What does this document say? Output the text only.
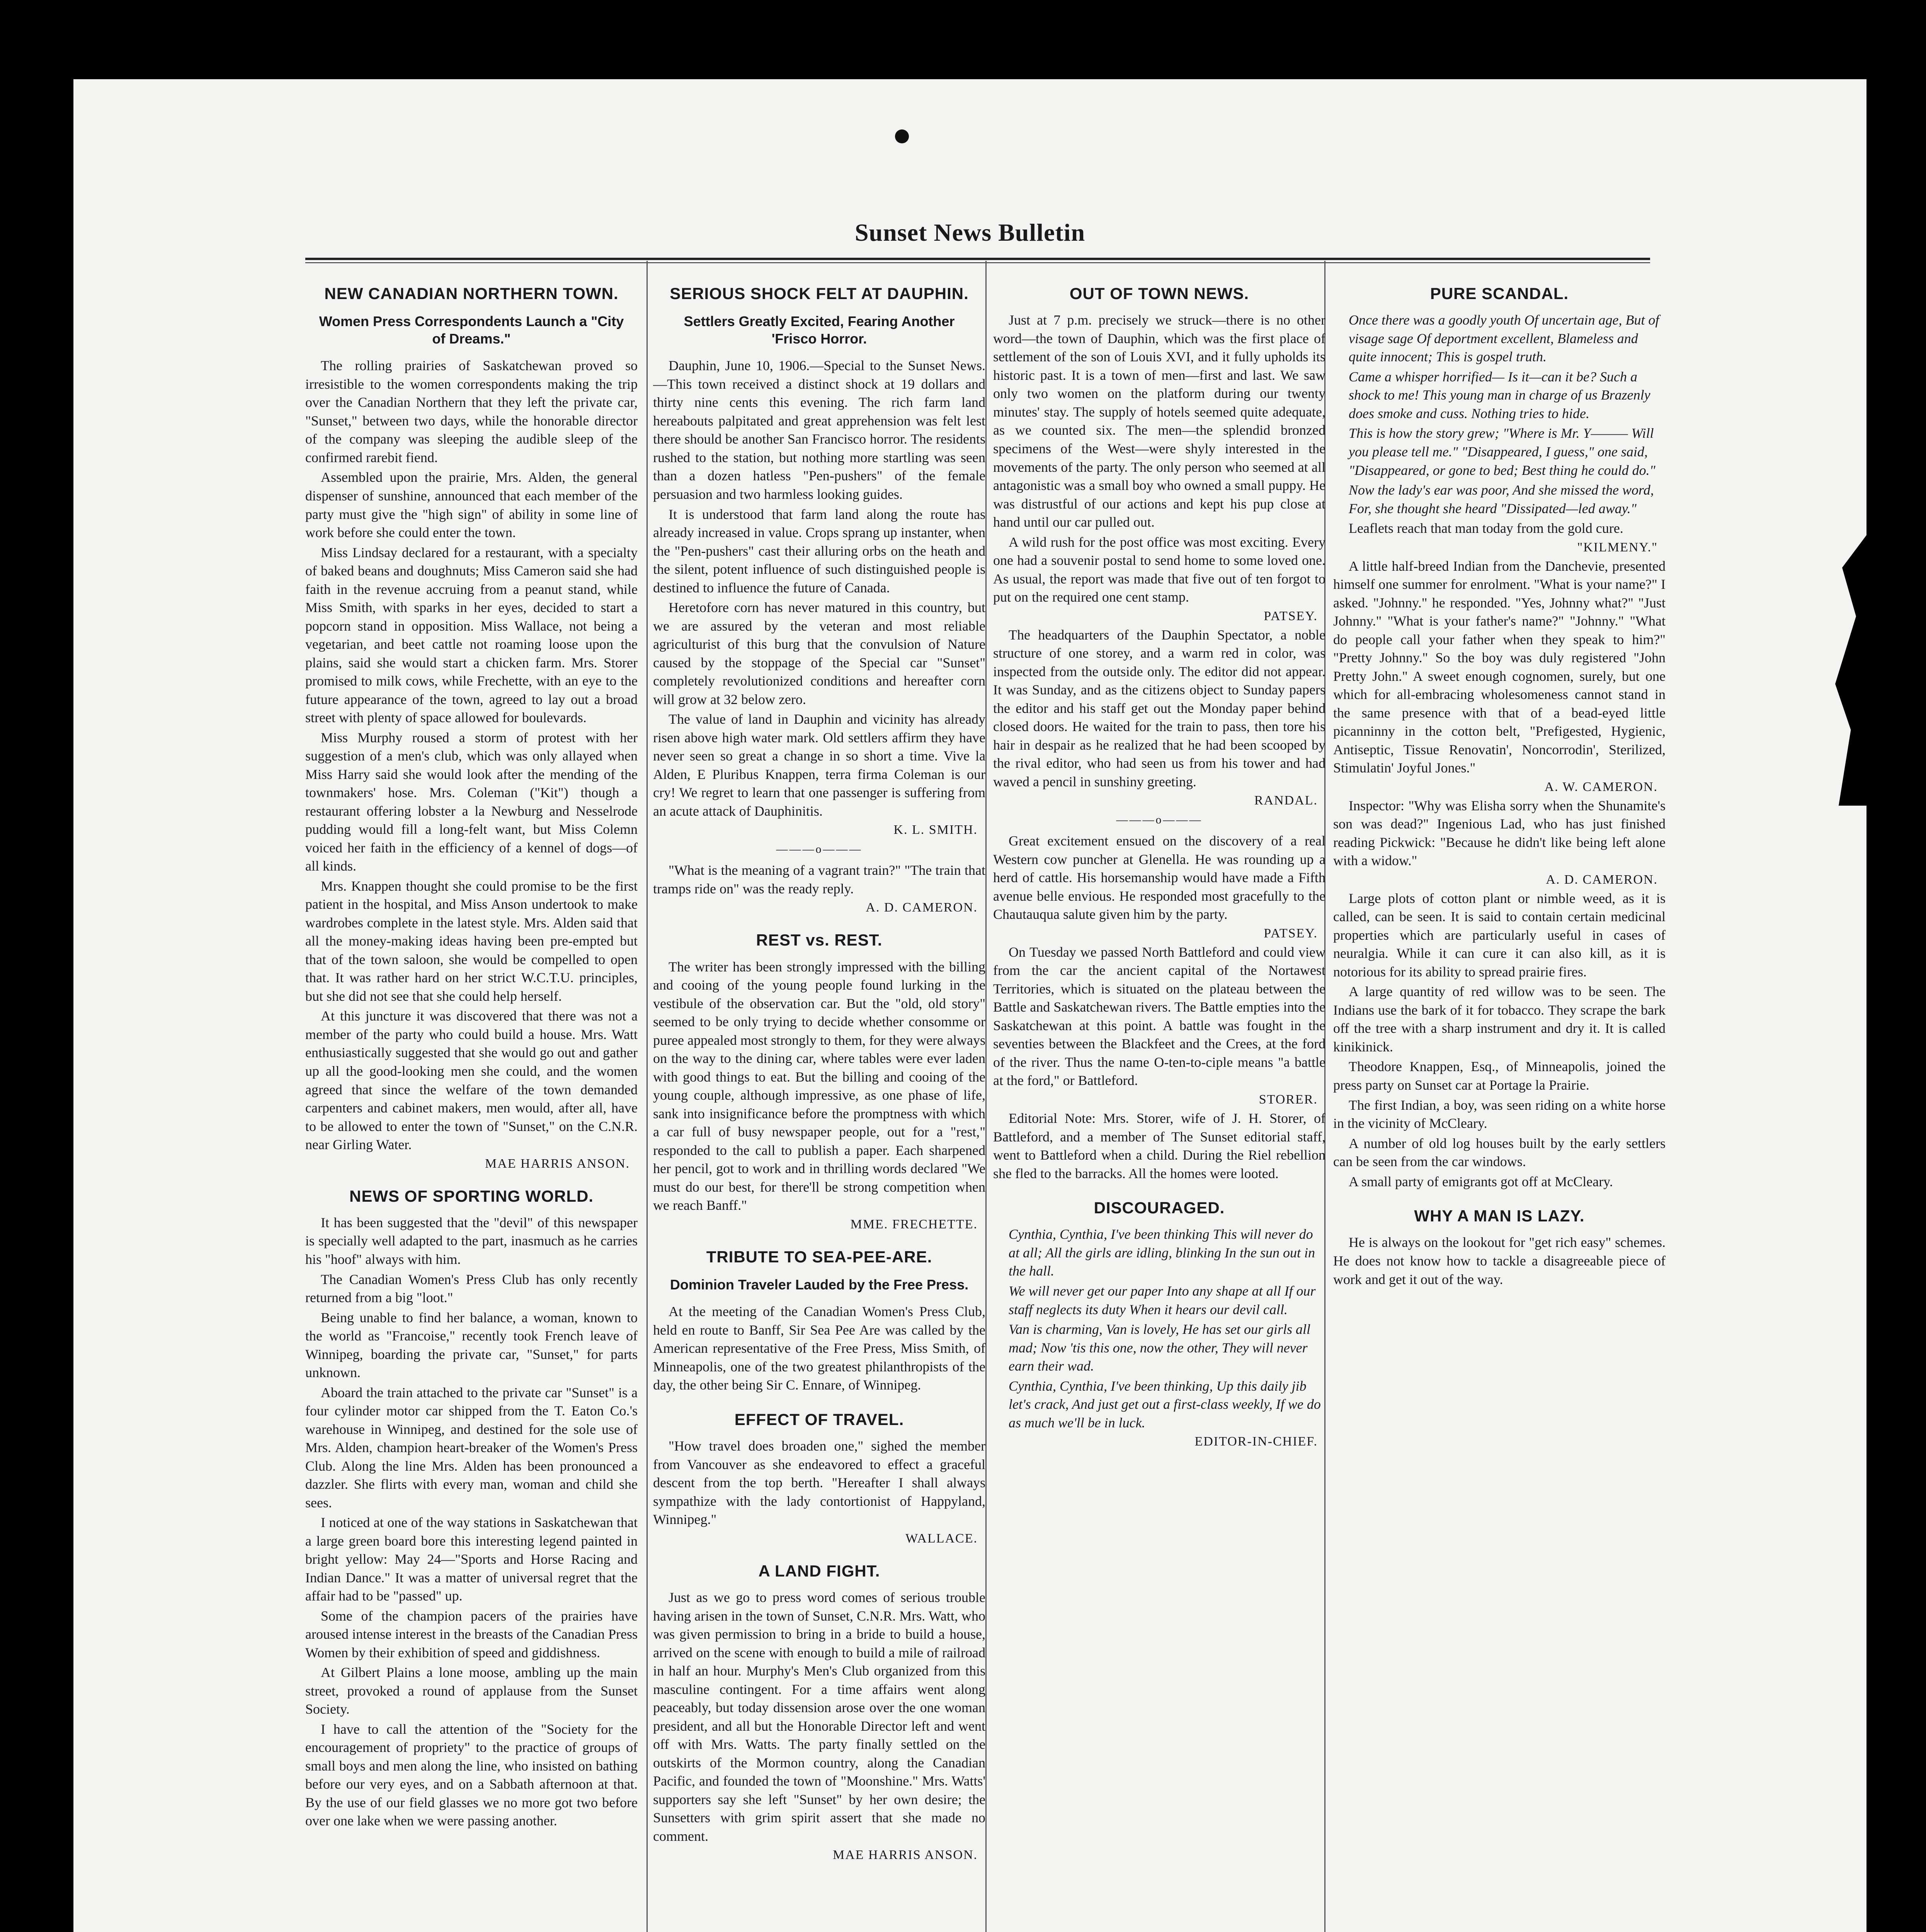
Sunset News Bulletin
NEW CANADIAN NORTHERN TOWN.
Women Press Correspondents Launch a "City of Dreams."

The rolling prairies of Saskatchewan proved so irresistible to the women correspondents making the trip over the Canadian Northern that they left the private car, "Sunset," between two days, while the honorable director of the company was sleeping the audible sleep of the confirmed rarebit fiend.

Assembled upon the prairie, Mrs. Alden, the general dispenser of sunshine, announced that each member of the party must give the "high sign" of ability in some line of work before she could enter the town.

Miss Lindsay declared for a restaurant, with a specialty of baked beans and doughnuts; Miss Cameron said she had faith in the revenue accruing from a peanut stand, while Miss Smith, with sparks in her eyes, decided to start a popcorn stand in opposition. Miss Wallace, not being a vegetarian, and beet cattle not roaming loose upon the plains, said she would start a chicken farm. Mrs. Storer promised to milk cows, while Frechette, with an eye to the future appearance of the town, agreed to lay out a broad street with plenty of space allowed for boulevards.

Miss Murphy roused a storm of protest with her suggestion of a men's club, which was only allayed when Miss Harry said she would look after the mending of the townmakers' hose. Mrs. Coleman ("Kit") though a restaurant offering lobster a la Newburg and Nesselrode pudding would fill a long-felt want, but Miss Colemn voiced her faith in the efficiency of a kennel of dogs—of all kinds.

Mrs. Knappen thought she could promise to be the first patient in the hospital, and Miss Anson undertook to make wardrobes complete in the latest style. Mrs. Alden said that all the money-making ideas having been pre-empted but that of the town saloon, she would be compelled to open that. It was rather hard on her strict W.C.T.U. principles, but she did not see that she could help herself.

At this juncture it was discovered that there was not a member of the party who could build a house. Mrs. Watt enthusiastically suggested that she would go out and gather up all the good-looking men she could, and the women agreed that since the welfare of the town demanded carpenters and cabinet makers, men would, after all, have to be allowed to enter the town of "Sunset," on the C.N.R. near Girling Water.

MAE HARRIS ANSON.
NEWS OF SPORTING WORLD.

It has been suggested that the "devil" of this newspaper is specially well adapted to the part, inasmuch as he carries his "hoof" always with him.

The Canadian Women's Press Club has only recently returned from a big "loot."

Being unable to find her balance, a woman, known to the world as "Francoise," recently took French leave of Winnipeg, boarding the private car, "Sunset," for parts unknown.

Aboard the train attached to the private car "Sunset" is a four cylinder motor car shipped from the T. Eaton Co.'s warehouse in Winnipeg, and destined for the sole use of Mrs. Alden, champion heart-breaker of the Women's Press Club. Along the line Mrs. Alden has been pronounced a dazzler. She flirts with every man, woman and child she sees.

I noticed at one of the way stations in Saskatchewan that a large green board bore this interesting legend painted in bright yellow: May 24—"Sports and Horse Racing and Indian Dance." It was a matter of universal regret that the affair had to be "passed" up.

Some of the champion pacers of the prairies have aroused intense interest in the breasts of the Canadian Press Women by their exhibition of speed and giddishness.

At Gilbert Plains a lone moose, ambling up the main street, provoked a round of applause from the Sunset Society.

I have to call the attention of the "Society for the encouragement of propriety" to the practice of groups of small boys and men along the line, who insisted on bathing before our very eyes, and on a Sabbath afternoon at that. By the use of our field glasses we no more got two before over one lake when we were passing another.

SERIOUS SHOCK FELT AT DAUPHIN.
Settlers Greatly Excited, Fearing Another 'Frisco Horror.

Dauphin, June 10, 1906.—Special to the Sunset News.—This town received a distinct shock at 19 dollars and thirty nine cents this evening. The rich farm land hereabouts palpitated and great apprehension was felt lest there should be another San Francisco horror. The residents rushed to the station, but nothing more startling was seen than a dozen hatless "Pen-pushers" of the female persuasion and two harmless looking guides.

It is understood that farm land along the route has already increased in value. Crops sprang up instanter, when the "Pen-pushers" cast their alluring orbs on the heath and the silent, potent influence of such distinguished people is destined to influence the future of Canada.

Heretofore corn has never matured in this country, but we are assured by the veteran and most reliable agriculturist of this burg that the convulsion of Nature caused by the stoppage of the Special car "Sunset" completely revolutionized conditions and hereafter corn will grow at 32 below zero.

The value of land in Dauphin and vicinity has already risen above high water mark. Old settlers affirm they have never seen so great a change in so short a time. Vive la Alden, E Pluribus Knappen, terra firma Coleman is our cry! We regret to learn that one passenger is suffering from an acute attack of Dauphinitis.

K. L. SMITH.
———o———

"What is the meaning of a vagrant train?" "The train that tramps ride on" was the ready reply.

A. D. CAMERON.
REST vs. REST.

The writer has been strongly impressed with the billing and cooing of the young people found lurking in the vestibule of the observation car. But the "old, old story" seemed to be only trying to decide whether consomme or puree appealed most strongly to them, for they were always on the way to the dining car, where tables were ever laden with good things to eat. But the billing and cooing of the young couple, although impressive, as one phase of life, sank into insignificance before the promptness with which a car full of busy newspaper people, out for a "rest," responded to the call to publish a paper. Each sharpened her pencil, got to work and in thrilling words declared "We must do our best, for there'll be strong competition when we reach Banff."

MME. FRECHETTE.
TRIBUTE TO SEA-PEE-ARE.
Dominion Traveler Lauded by the Free Press.

At the meeting of the Canadian Women's Press Club, held en route to Banff, Sir Sea Pee Are was called by the American representative of the Free Press, Miss Smith, of Minneapolis, one of the two greatest philanthropists of the day, the other being Sir C. Ennare, of Winnipeg.

EFFECT OF TRAVEL.

"How travel does broaden one," sighed the member from Vancouver as she endeavored to effect a graceful descent from the top berth. "Hereafter I shall always sympathize with the lady contortionist of Happyland, Winnipeg."

WALLACE.
A LAND FIGHT.

Just as we go to press word comes of serious trouble having arisen in the town of Sunset, C.N.R. Mrs. Watt, who was given permission to bring in a bride to build a house, arrived on the scene with enough to build a mile of railroad in half an hour. Murphy's Men's Club organized from this masculine contingent. For a time affairs went along peaceably, but today dissension arose over the one woman president, and all but the Honorable Director left and went off with Mrs. Watts. The party finally settled on the outskirts of the Mormon country, along the Canadian Pacific, and founded the town of "Moonshine." Mrs. Watts' supporters say she left "Sunset" by her own desire; the Sunsetters with grim spirit assert that she made no comment.

MAE HARRIS ANSON.
OUT OF TOWN NEWS.

Just at 7 p.m. precisely we struck—there is no other word—the town of Dauphin, which was the first place of settlement of the son of Louis XVI, and it fully upholds its historic past. It is a town of men—first and last. We saw only two women on the platform during our twenty minutes' stay. The supply of hotels seemed quite adequate, as we counted six. The men—the splendid bronzed specimens of the West—were shyly interested in the movements of the party. The only person who seemed at all antagonistic was a small boy who owned a small puppy. He was distrustful of our actions and kept his pup close at hand until our car pulled out.

A wild rush for the post office was most exciting. Every one had a souvenir postal to send home to some loved one. As usual, the report was made that five out of ten forgot to put on the required one cent stamp.

PATSEY.

The headquarters of the Dauphin Spectator, a noble structure of one storey, and a warm red in color, was inspected from the outside only. The editor did not appear. It was Sunday, and as the citizens object to Sunday papers the editor and his staff get out the Monday paper behind closed doors. He waited for the train to pass, then tore his hair in despair as he realized that he had been scooped by the rival editor, who had seen us from his tower and had waved a pencil in sunshiny greeting.

RANDAL.
———o———

Great excitement ensued on the discovery of a real Western cow puncher at Glenella. He was rounding up a herd of cattle. His horsemanship would have made a Fifth avenue belle envious. He responded most gracefully to the Chautauqua salute given him by the party.

PATSEY.

On Tuesday we passed North Battleford and could view from the car the ancient capital of the Nortawest Territories, which is situated on the plateau between the Battle and Saskatchewan rivers. The Battle empties into the Saskatchewan at this point. A battle was fought in the seventies between the Blackfeet and the Crees, at the ford of the river. Thus the name O-ten-to-ciple means "a battle at the ford," or Battleford.

STORER.

Editorial Note: Mrs. Storer, wife of J. H. Storer, of Battleford, and a member of The Sunset editorial staff, went to Battleford when a child. During the Riel rebellion she fled to the barracks. All the homes were looted.

DISCOURAGED.

Cynthia, Cynthia, I've been thinking This will never do at all; All the girls are idling, blinking In the sun out in the hall.

We will never get our paper Into any shape at all If our staff neglects its duty When it hears our devil call.

Van is charming, Van is lovely, He has set our girls all mad; Now 'tis this one, now the other, They will never earn their wad.

Cynthia, Cynthia, I've been thinking, Up this daily jib let's crack, And just get out a first-class weekly, If we do as much we'll be in luck.

EDITOR-IN-CHIEF.
PURE SCANDAL.

Once there was a goodly youth Of uncertain age, But of visage sage Of deportment excellent, Blameless and quite innocent; This is gospel truth.

Came a whisper horrified— Is it—can it be? Such a shock to me! This young man in charge of us Brazenly does smoke and cuss. Nothing tries to hide.

This is how the story grew; "Where is Mr. Y——— Will you please tell me." "Disappeared, I guess," one said, "Disappeared, or gone to bed; Best thing he could do."

Now the lady's ear was poor, And she missed the word, For, she thought she heard "Dissipated—led away."

Leaflets reach that man today from the gold cure.

"KILMENY."

A little half-breed Indian from the Danchevie, presented himself one summer for enrolment. "What is your name?" I asked. "Johnny." he responded. "Yes, Johnny what?" "Just Johnny." "What is your father's name?" "Johnny." "What do people call your father when they speak to him?" "Pretty Johnny." So the boy was duly registered "John Pretty John." A sweet enough cognomen, surely, but one which for all-embracing wholesomeness cannot stand in the same presence with that of a bead-eyed little picanninny in the cotton belt, "Prefigested, Hygienic, Antiseptic, Tissue Renovatin', Noncorrodin', Sterilized, Stimulatin' Joyful Jones."

A. W. CAMERON.

Inspector: "Why was Elisha sorry when the Shunamite's son was dead?" Ingenious Lad, who has just finished reading Pickwick: "Because he didn't like being left alone with a widow."

A. D. CAMERON.

Large plots of cotton plant or nimble weed, as it is called, can be seen. It is said to contain certain medicinal properties which are particularly useful in cases of neuralgia. While it can cure it can also kill, as it is notorious for its ability to spread prairie fires.

A large quantity of red willow was to be seen. The Indians use the bark of it for tobacco. They scrape the bark off the tree with a sharp instrument and dry it. It is called kinikinick.

Theodore Knappen, Esq., of Minneapolis, joined the press party on Sunset car at Portage la Prairie.

The first Indian, a boy, was seen riding on a white horse in the vicinity of McCleary.

A number of old log houses built by the early settlers can be seen from the car windows.

A small party of emigrants got off at McCleary.

WHY A MAN IS LAZY.

He is always on the lookout for "get rich easy" schemes. He does not know how to tackle a disagreeable piece of work and get it out of the way.
